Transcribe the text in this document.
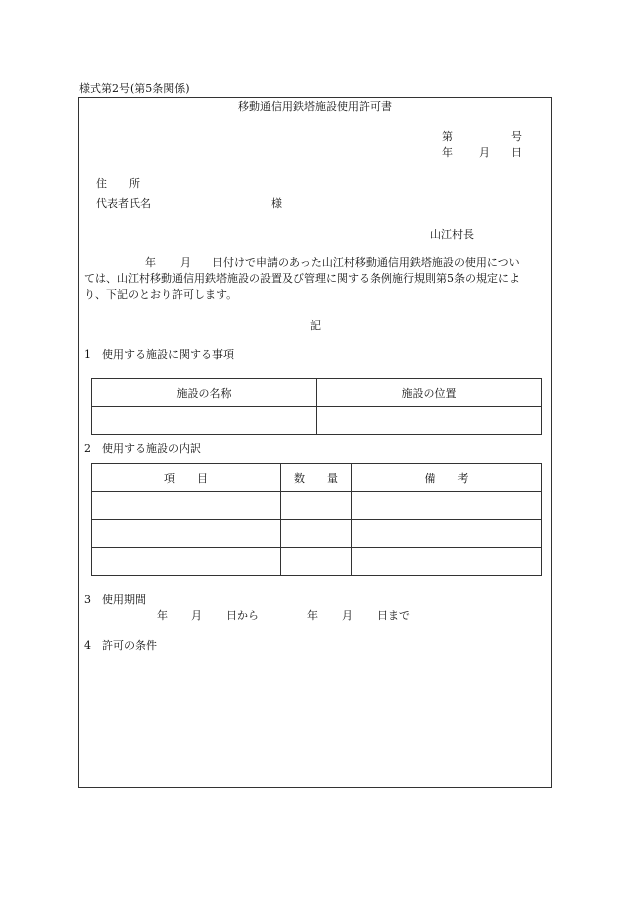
様式第2号(第5条関係)
移動通信用鉄塔施設使用許可書
第	号
年 月 日
住　　所
代表者氏名	様
山江村長
年 月 日付けで申請のあった山江村移動通信用鉄塔施設の使用につい
ては、山江村移動通信用鉄塔施設の設置及び管理に関する条例施行規則第5条の規定によ
り、下記のとおり許可します。
記
1　使用する施設に関する事項
施設の名称	施設の位置

2　使用する施設の内訳
項　　目	数　　量	備　　考

3　使用期間
年 月 日から	年 月 日まで
4　許可の条件
